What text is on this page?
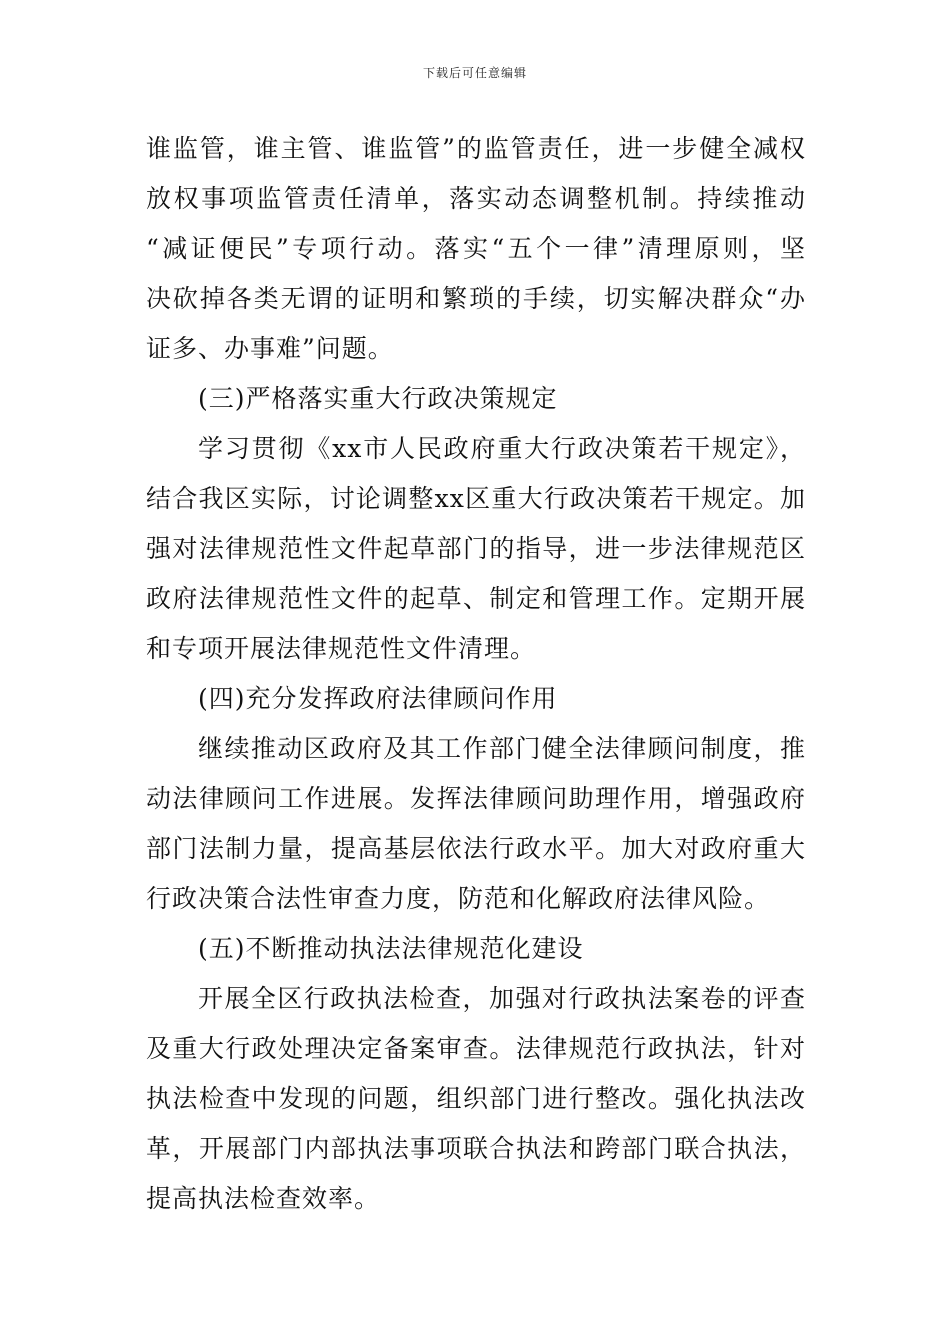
下载后可任意编辑
谁监管，谁主管、谁监管”的监管责任，进一步健全减权
放权事项监管责任清单，落实动态调整机制。持续推动
“减证便民”专项行动。落实“五个一律”清理原则，坚
决砍掉各类无谓的证明和繁琐的手续，切实解决群众“办
证多、办事难”问题。
(三)严格落实重大行政决策规定
学习贯彻《xx市人民政府重大行政决策若干规定》，
结合我区实际，讨论调整xx区重大行政决策若干规定。加
强对法律规范性文件起草部门的指导，进一步法律规范区
政府法律规范性文件的起草、制定和管理工作。定期开展
和专项开展法律规范性文件清理。
(四)充分发挥政府法律顾问作用
继续推动区政府及其工作部门健全法律顾问制度，推
动法律顾问工作进展。发挥法律顾问助理作用，增强政府
部门法制力量，提高基层依法行政水平。加大对政府重大
行政决策合法性审查力度，防范和化解政府法律风险。
(五)不断推动执法法律规范化建设
开展全区行政执法检查，加强对行政执法案卷的评查
及重大行政处理决定备案审查。法律规范行政执法，针对
执法检查中发现的问题，组织部门进行整改。强化执法改
革，开展部门内部执法事项联合执法和跨部门联合执法，
提高执法检查效率。
